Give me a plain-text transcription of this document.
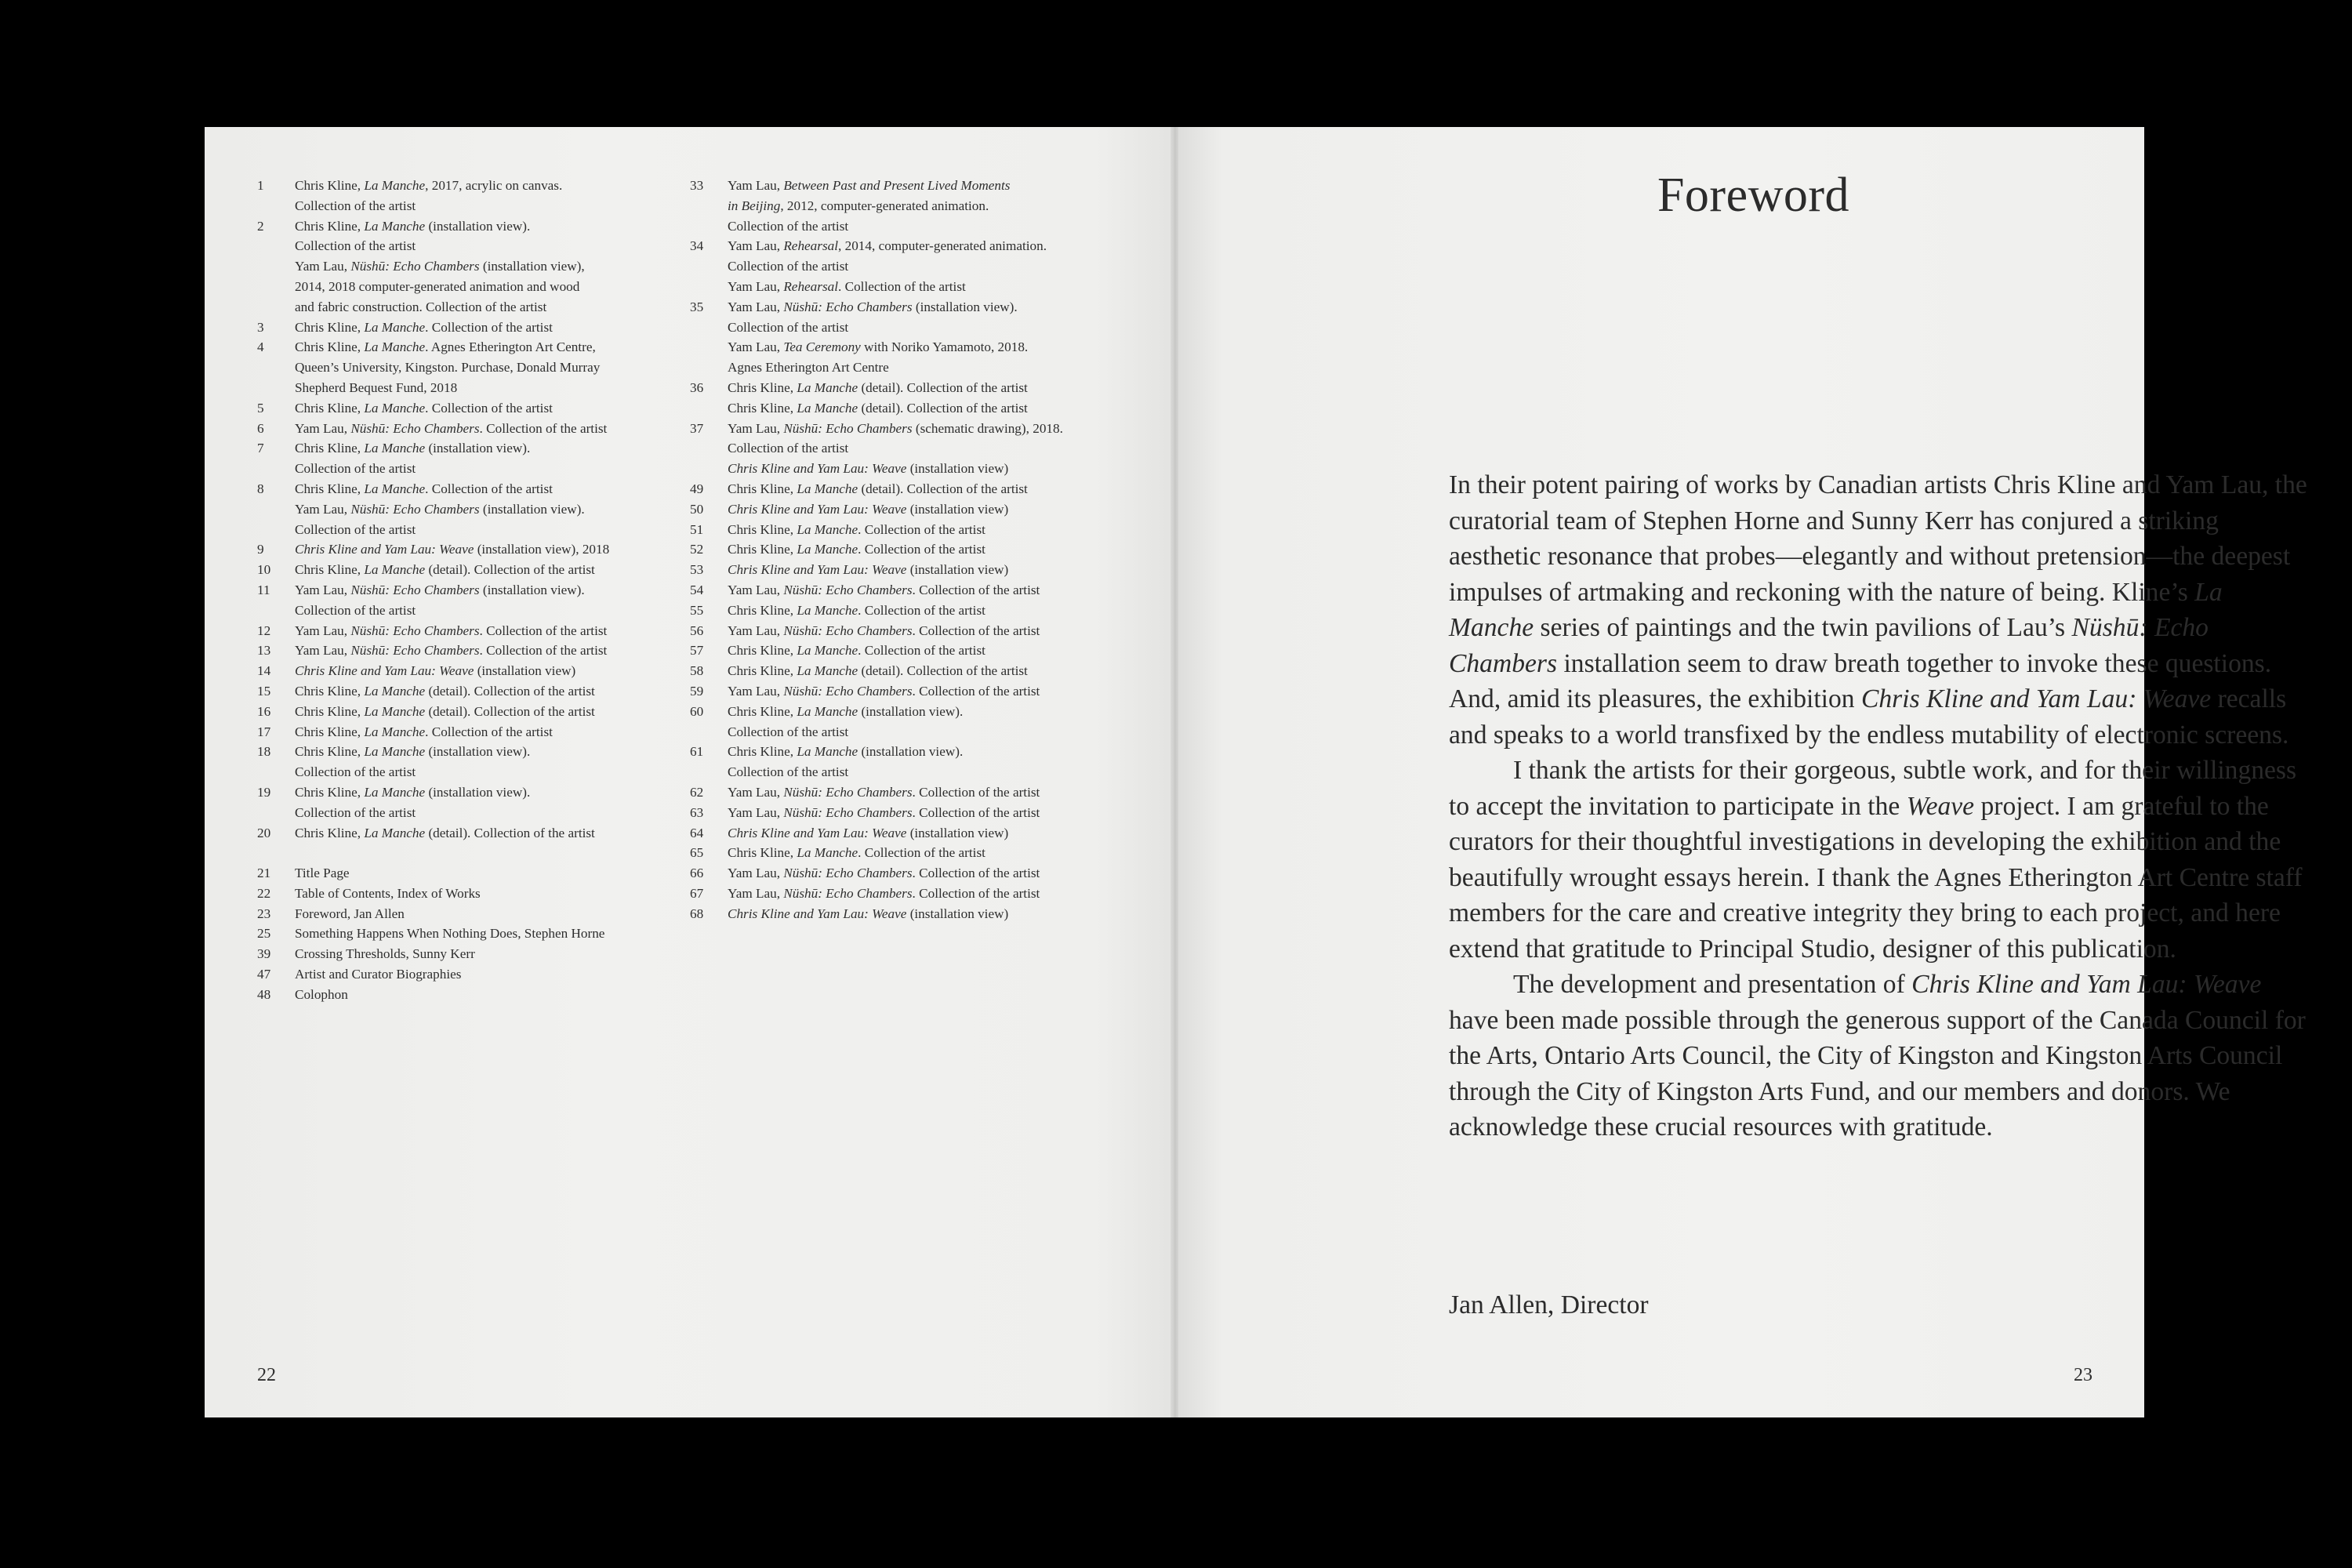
1	Chris Kline, La Manche, 2017, acrylic on canvas.
Collection of the artist
2	Chris Kline, La Manche (installation view).
Collection of the artist
Yam Lau, Nüshū: Echo Chambers (installation view),
2014, 2018 computer-generated animation and wood
and fabric construction. Collection of the artist
3	Chris Kline, La Manche. Collection of the artist
4	Chris Kline, La Manche. Agnes Etherington Art Centre,
Queen’s University, Kingston. Purchase, Donald Murray
Shepherd Bequest Fund, 2018
5	Chris Kline, La Manche. Collection of the artist
6	Yam Lau, Nüshū: Echo Chambers. Collection of the artist
7	Chris Kline, La Manche (installation view).
Collection of the artist
8	Chris Kline, La Manche. Collection of the artist
Yam Lau, Nüshū: Echo Chambers (installation view).
Collection of the artist
9	Chris Kline and Yam Lau: Weave (installation view), 2018
10	Chris Kline, La Manche (detail). Collection of the artist
11	Yam Lau, Nüshū: Echo Chambers (installation view).
Collection of the artist
12	Yam Lau, Nüshū: Echo Chambers. Collection of the artist
13	Yam Lau, Nüshū: Echo Chambers. Collection of the artist
14	Chris Kline and Yam Lau: Weave (installation view)
15	Chris Kline, La Manche (detail). Collection of the artist
16	Chris Kline, La Manche (detail). Collection of the artist
17	Chris Kline, La Manche. Collection of the artist
18	Chris Kline, La Manche (installation view).
Collection of the artist
19	Chris Kline, La Manche (installation view).
Collection of the artist
20	Chris Kline, La Manche (detail). Collection of the artist
21	Title Page
22	Table of Contents, Index of Works
23	Foreword, Jan Allen
25	Something Happens When Nothing Does, Stephen Horne
39	Crossing Thresholds, Sunny Kerr
47	Artist and Curator Biographies
48	Colophon
33	Yam Lau, Between Past and Present Lived Moments
in Beijing, 2012, computer-generated animation.
Collection of the artist
34	Yam Lau, Rehearsal, 2014, computer-generated animation.
Collection of the artist
Yam Lau, Rehearsal. Collection of the artist
35	Yam Lau, Nüshū: Echo Chambers (installation view).
Collection of the artist
Yam Lau, Tea Ceremony with Noriko Yamamoto, 2018.
Agnes Etherington Art Centre
36	Chris Kline, La Manche (detail). Collection of the artist
Chris Kline, La Manche (detail). Collection of the artist
37	Yam Lau, Nüshū: Echo Chambers (schematic drawing), 2018.
Collection of the artist
Chris Kline and Yam Lau: Weave (installation view)
49	Chris Kline, La Manche (detail). Collection of the artist
50	Chris Kline and Yam Lau: Weave (installation view)
51	Chris Kline, La Manche. Collection of the artist
52	Chris Kline, La Manche. Collection of the artist
53	Chris Kline and Yam Lau: Weave (installation view)
54	Yam Lau, Nüshū: Echo Chambers. Collection of the artist
55	Chris Kline, La Manche. Collection of the artist
56	Yam Lau, Nüshū: Echo Chambers. Collection of the artist
57	Chris Kline, La Manche. Collection of the artist
58	Chris Kline, La Manche (detail). Collection of the artist
59	Yam Lau, Nüshū: Echo Chambers. Collection of the artist
60	Chris Kline, La Manche (installation view).
Collection of the artist
61	Chris Kline, La Manche (installation view).
Collection of the artist
62	Yam Lau, Nüshū: Echo Chambers. Collection of the artist
63	Yam Lau, Nüshū: Echo Chambers. Collection of the artist
64	Chris Kline and Yam Lau: Weave (installation view)
65	Chris Kline, La Manche. Collection of the artist
66	Yam Lau, Nüshū: Echo Chambers. Collection of the artist
67	Yam Lau, Nüshū: Echo Chambers. Collection of the artist
68	Chris Kline and Yam Lau: Weave (installation view)
22
Foreword

In their potent pairing of works by Canadian artists Chris Kline and Yam Lau, the curatorial team of Stephen Horne and Sunny Kerr has conjured a striking aesthetic resonance that probes—elegantly and without pretension—the deepest impulses of artmaking and reckoning with the nature of being. Kline’s La Manche series of paintings and the twin pavilions of Lau’s Nüshū: Echo Chambers installation seem to draw breath together to invoke these questions. And, amid its pleasures, the exhibition Chris Kline and Yam Lau: Weave recalls and speaks to a world transfixed by the endless mutability of electronic screens.

I thank the artists for their gorgeous, subtle work, and for their willingness to accept the invitation to participate in the Weave project. I am grateful to the curators for their thoughtful investigations in developing the exhibition and the beautifully wrought essays herein. I thank the Agnes Etherington Art Centre staff members for the care and creative integrity they bring to each project, and here extend that gratitude to Principal Studio, designer of this publication.

The development and presentation of Chris Kline and Yam Lau: Weave have been made possible through the generous support of the Canada Council for the Arts, Ontario Arts Council, the City of Kingston and Kingston Arts Council through the City of Kingston Arts Fund, and our members and donors. We acknowledge these crucial resources with gratitude.

Jan Allen, Director
23
